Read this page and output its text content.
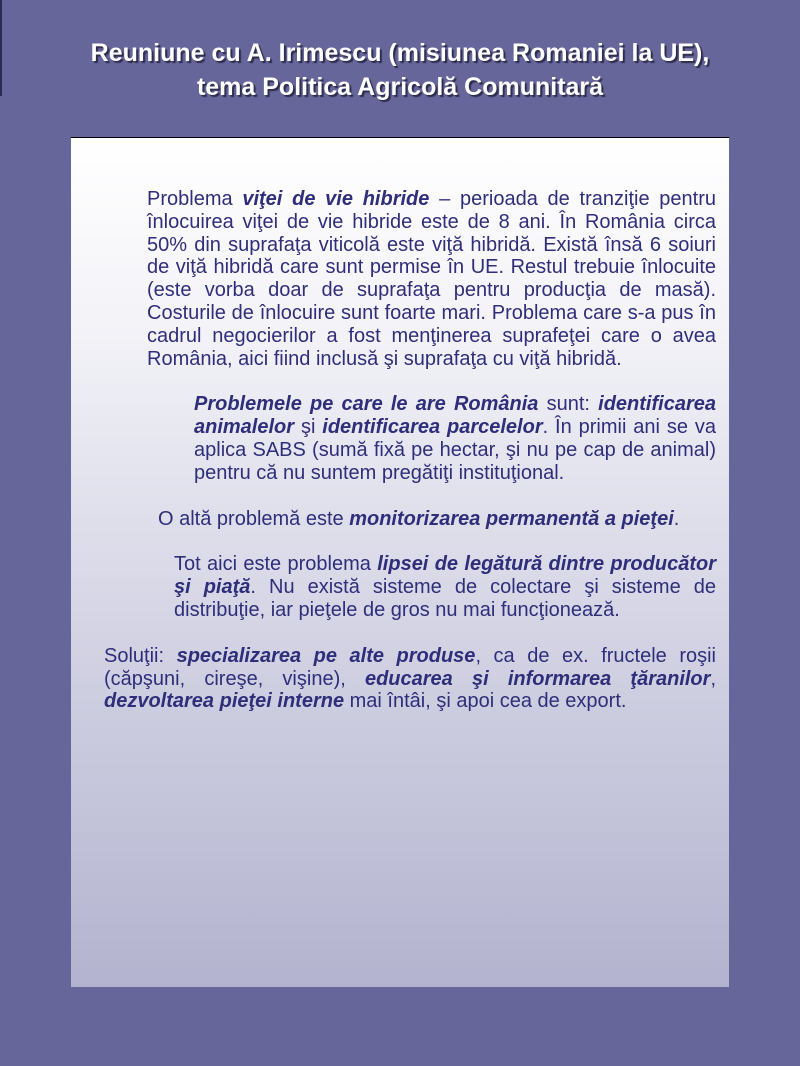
Reuniune cu A. Irimescu (misiunea Romaniei la UE),
tema Politica Agricolă Comunitară

Problema viţei de vie hibride – perioada de tranziţie pentru înlocuirea viţei de vie hibride este de 8 ani. În România circa 50% din suprafaţa viticolă este viţă hibridă. Există însă 6 soiuri de viţă hibridă care sunt permise în UE. Restul trebuie înlocuite (este vorba doar de suprafaţa pentru producţia de masă). Costurile de înlocuire sunt foarte mari. Problema care s-a pus în cadrul negocierilor a fost menţinerea suprafeţei care o avea România, aici fiind inclusă şi suprafaţa cu viţă hibridă.

Problemele pe care le are România sunt: identificarea animalelor şi identificarea parcelelor. În primii ani se va aplica SABS (sumă fixă pe hectar, şi nu pe cap de animal) pentru că nu suntem pregătiţi instituţional.

O altă problemă este monitorizarea permanentă a pieţei.

Tot aici este problema lipsei de legătură dintre producător şi piaţă. Nu există sisteme de colectare şi sisteme de distribuţie, iar pieţele de gros nu mai funcţionează.

Soluţii: specializarea pe alte produse, ca de ex. fructele roşii (căpşuni, cireşe, vişine), educarea şi informarea ţăranilor, dezvoltarea pieţei interne mai întâi, şi apoi cea de export.
